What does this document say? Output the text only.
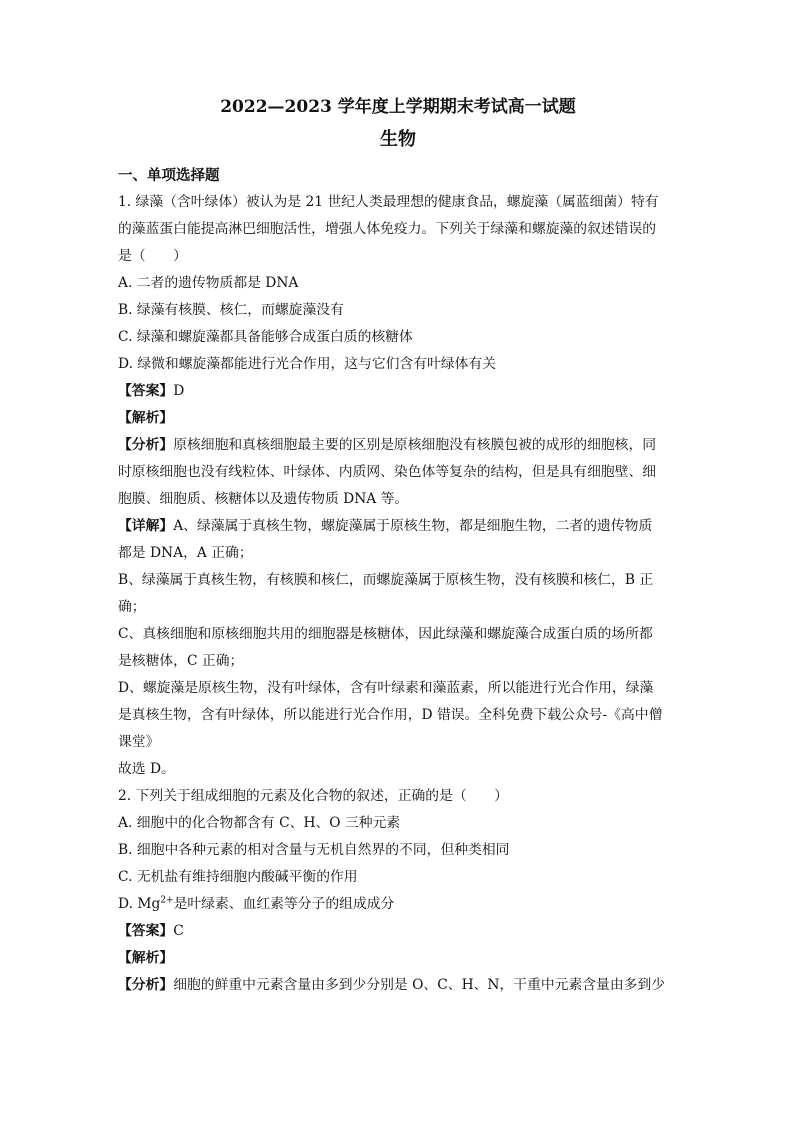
2022—2023 学年度上学期期末考试高一试题

生物

一、单项选择题

1. 绿藻（含叶绿体）被认为是 21 世纪人类最理想的健康食品，螺旋藻（属蓝细菌）特有

的藻蓝蛋白能提高淋巴细胞活性，增强人体免疫力。下列关于绿藻和螺旋藻的叙述错误的

是（　　）

A. 二者的遗传物质都是 DNA

B. 绿藻有核膜、核仁，而螺旋藻没有

C. 绿藻和螺旋藻都具备能够合成蛋白质的核糖体

D. 绿微和螺旋藻都能进行光合作用，这与它们含有叶绿体有关

【答案】D

【解析】

【分析】原核细胞和真核细胞最主要的区别是原核细胞没有核膜包被的成形的细胞核，同

时原核细胞也没有线粒体、叶绿体、内质网、染色体等复杂的结构，但是具有细胞壁、细

胞膜、细胞质、核糖体以及遗传物质 DNA 等。

【详解】A、绿藻属于真核生物，螺旋藻属于原核生物，都是细胞生物，二者的遗传物质

都是 DNA，A 正确；

B、绿藻属于真核生物，有核膜和核仁，而螺旋藻属于原核生物，没有核膜和核仁，B 正

确；

C、真核细胞和原核细胞共用的细胞器是核糖体，因此绿藻和螺旋藻合成蛋白质的场所都

是核糖体，C 正确；

D、螺旋藻是原核生物，没有叶绿体，含有叶绿素和藻蓝素，所以能进行光合作用，绿藻

是真核生物，含有叶绿体，所以能进行光合作用，D 错误。全科免费下载公众号-《高中僧

课堂》

故选 D。

2. 下列关于组成细胞的元素及化合物的叙述，正确的是（　　）

A. 细胞中的化合物都含有 C、H、O 三种元素

B. 细胞中各种元素的相对含量与无机自然界的不同，但种类相同

C. 无机盐有维持细胞内酸碱平衡的作用

D. $Mg^{2+}$是叶绿素、血红素等分子的组成成分

【答案】C

【解析】

【分析】细胞的鲜重中元素含量由多到少分别是 O、C、H、N，干重中元素含量由多到少
